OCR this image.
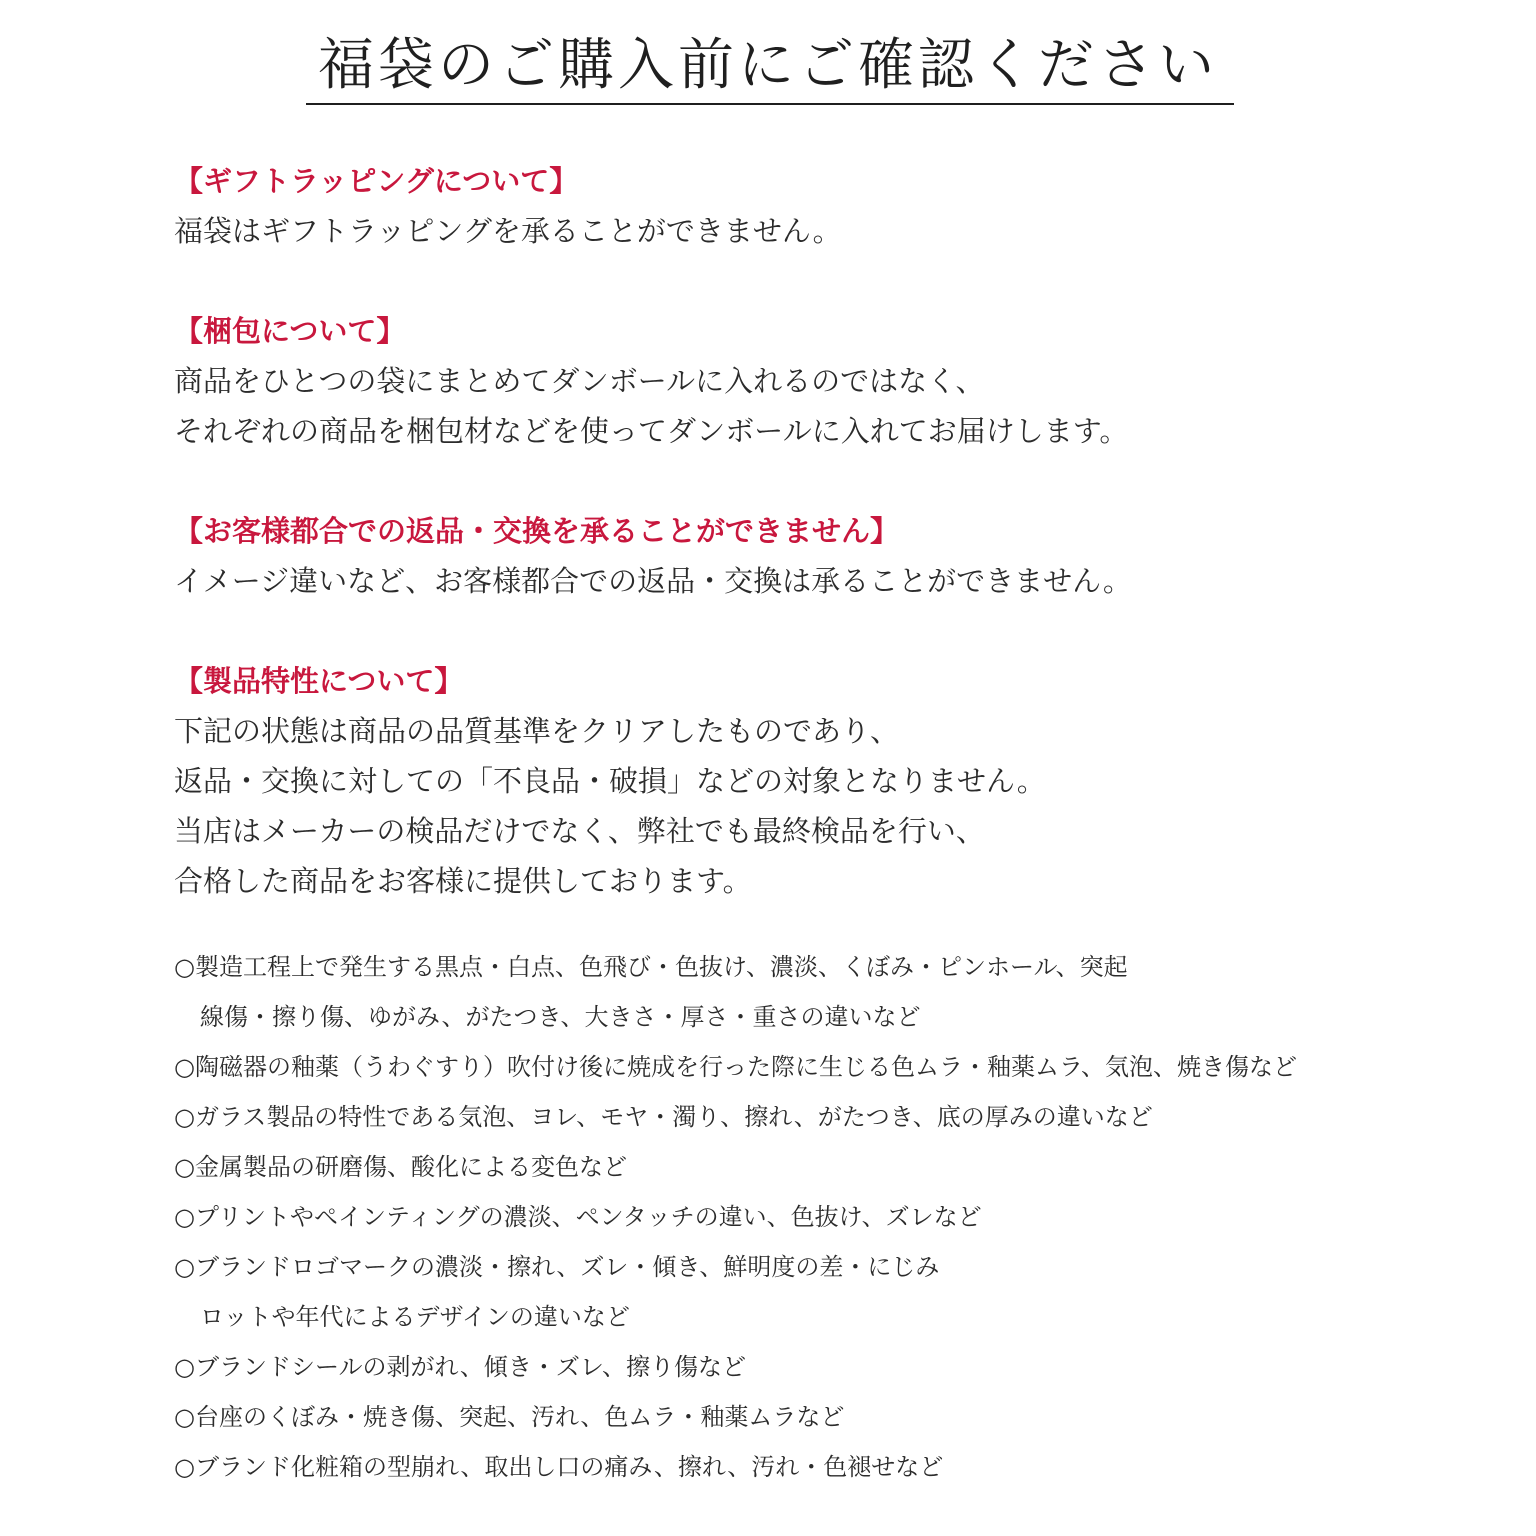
福袋のご購入前にご確認ください
【ギフトラッピングについて】
福袋はギフトラッピングを承ることができません。
【梱包について】
商品をひとつの袋にまとめてダンボールに入れるのではなく、
それぞれの商品を梱包材などを使ってダンボールに入れてお届けします。
【お客様都合での返品・交換を承ることができません】
イメージ違いなど、お客様都合での返品・交換は承ることができません。
【製品特性について】
下記の状態は商品の品質基準をクリアしたものであり、
返品・交換に対しての「不良品・破損」などの対象となりません。
当店はメーカーの検品だけでなく、弊社でも最終検品を行い、
合格した商品をお客様に提供しております。
○製造工程上で発生する黒点・白点、色飛び・色抜け、濃淡、くぼみ・ピンホール、突起
線傷・擦り傷、ゆがみ、がたつき、大きさ・厚さ・重さの違いなど
○陶磁器の釉薬（うわぐすり）吹付け後に焼成を行った際に生じる色ムラ・釉薬ムラ、気泡、焼き傷など
○ガラス製品の特性である気泡、ヨレ、モヤ・濁り、擦れ、がたつき、底の厚みの違いなど
○金属製品の研磨傷、酸化による変色など
○プリントやペインティングの濃淡、ペンタッチの違い、色抜け、ズレなど
○ブランドロゴマークの濃淡・擦れ、ズレ・傾き、鮮明度の差・にじみ
ロットや年代によるデザインの違いなど
○ブランドシールの剥がれ、傾き・ズレ、擦り傷など
○台座のくぼみ・焼き傷、突起、汚れ、色ムラ・釉薬ムラなど
○ブランド化粧箱の型崩れ、取出し口の痛み、擦れ、汚れ・色褪せなど
